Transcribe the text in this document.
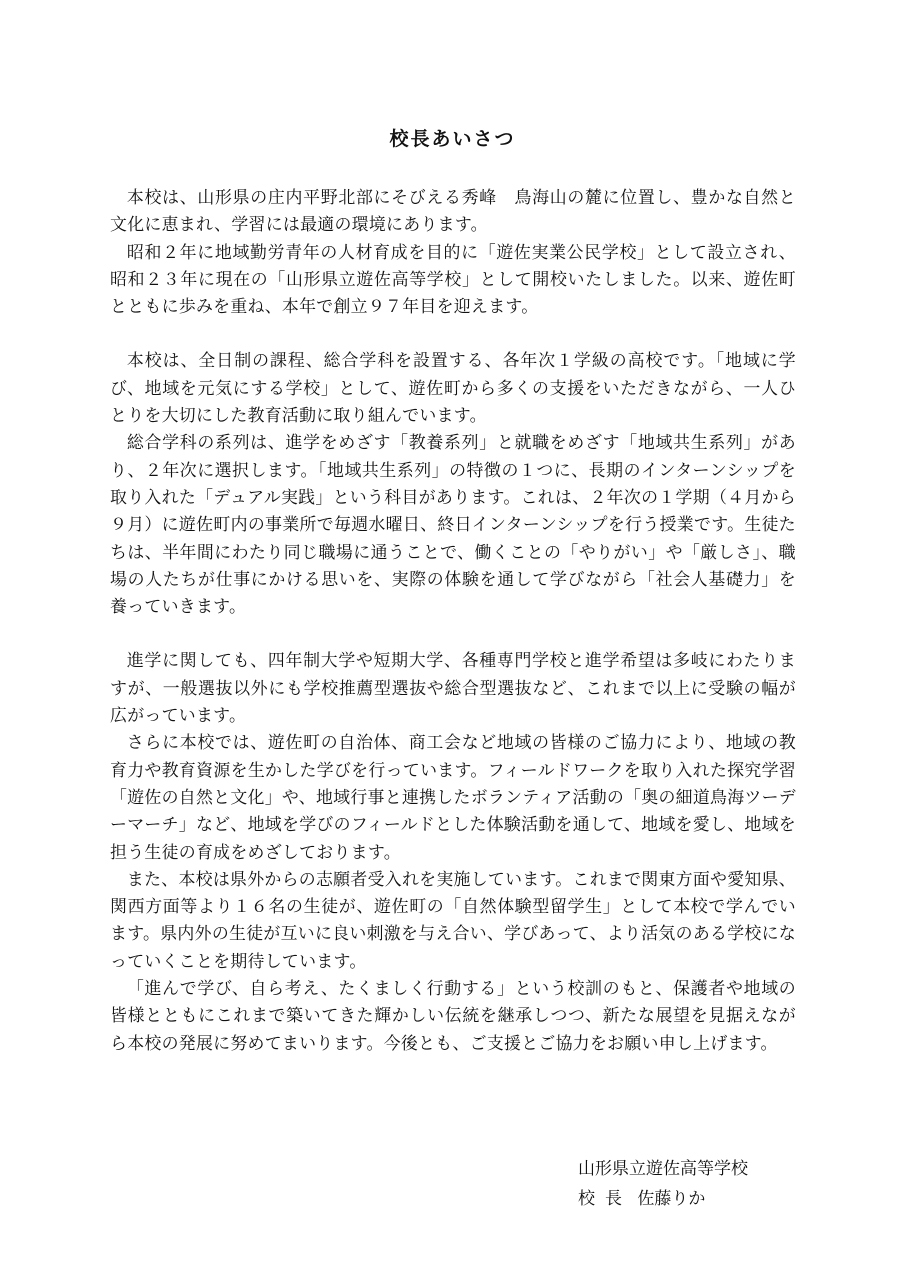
校長あいさつ

本校は、山形県の庄内平野北部にそびえる秀峰　鳥海山の麓に位置し、豊かな自然と文化に恵まれ、学習には最適の環境にあります。

昭和２年に地域勤労青年の人材育成を目的に「遊佐実業公民学校」として設立され、昭和２３年に現在の「山形県立遊佐高等学校」として開校いたしました。以来、遊佐町とともに歩みを重ね、本年で創立９７年目を迎えます。

本校は、全日制の課程、総合学科を設置する、各年次１学級の高校です。「地域に学び、地域を元気にする学校」として、遊佐町から多くの支援をいただきながら、一人ひとりを大切にした教育活動に取り組んでいます。

総合学科の系列は、進学をめざす「教養系列」と就職をめざす「地域共生系列」があり、２年次に選択します。「地域共生系列」の特徴の１つに、長期のインターンシップを取り入れた「デュアル実践」という科目があります。これは、２年次の１学期（４月から９月）に遊佐町内の事業所で毎週水曜日、終日インターンシップを行う授業です。生徒たちは、半年間にわたり同じ職場に通うことで、働くことの「やりがい」や「厳しさ」、職場の人たちが仕事にかける思いを、実際の体験を通して学びながら「社会人基礎力」を養っていきます。

進学に関しても、四年制大学や短期大学、各種専門学校と進学希望は多岐にわたりますが、一般選抜以外にも学校推薦型選抜や総合型選抜など、これまで以上に受験の幅が広がっています。

さらに本校では、遊佐町の自治体、商工会など地域の皆様のご協力により、地域の教育力や教育資源を生かした学びを行っています。フィールドワークを取り入れた探究学習「遊佐の自然と文化」や、地域行事と連携したボランティア活動の「奥の細道鳥海ツーデーマーチ」など、地域を学びのフィールドとした体験活動を通して、地域を愛し、地域を担う生徒の育成をめざしております。

また、本校は県外からの志願者受入れを実施しています。これまで関東方面や愛知県、関西方面等より１６名の生徒が、遊佐町の「自然体験型留学生」として本校で学んでいます。県内外の生徒が互いに良い刺激を与え合い、学びあって、より活気のある学校になっていくことを期待しています。

「進んで学び、自ら考え、たくましく行動する」という校訓のもと、保護者や地域の皆様とともにこれまで築いてきた輝かしい伝統を継承しつつ、新たな展望を見据えながら本校の発展に努めてまいります。今後とも、ご支援とご協力をお願い申し上げます。

山形県立遊佐高等学校

校長 佐藤りか
